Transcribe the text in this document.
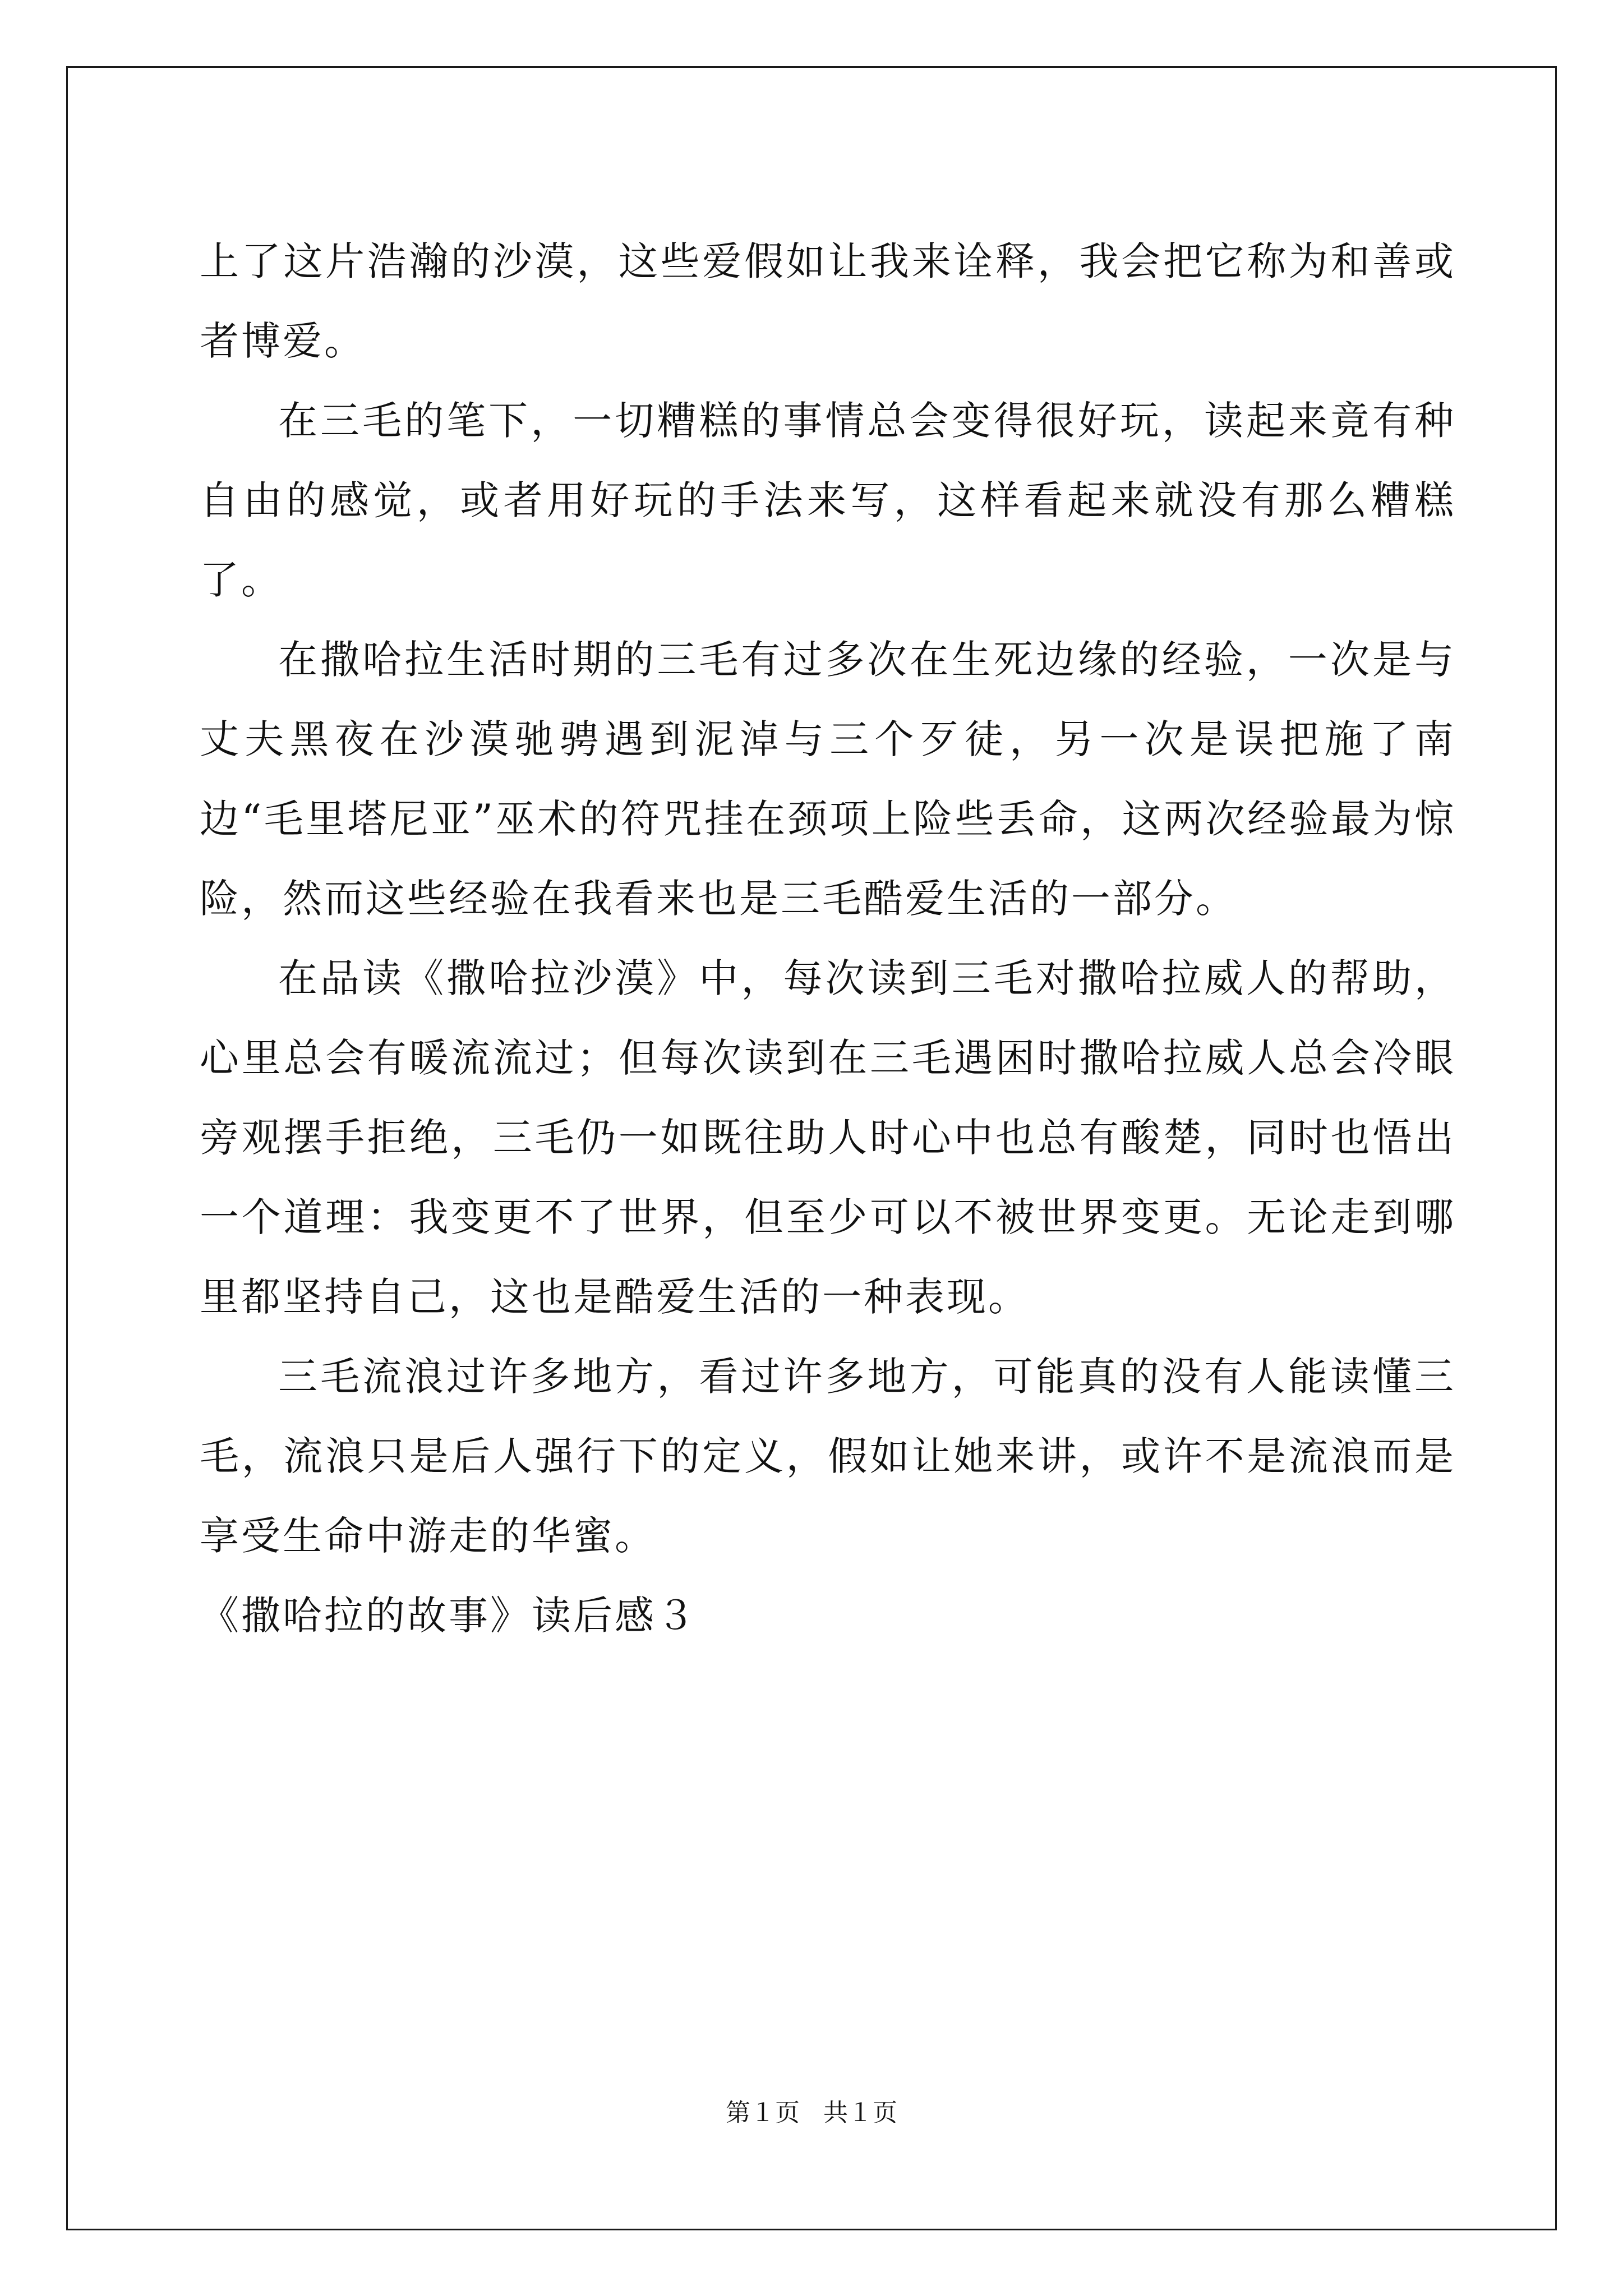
上了这片浩瀚的沙漠，这些爱假如让我来诠释，我会把它称为和善或者博爱。

在三毛的笔下，一切糟糕的事情总会变得很好玩，读起来竟有种自由的感觉，或者用好玩的手法来写，这样看起来就没有那么糟糕了。

在撒哈拉生活时期的三毛有过多次在生死边缘的经验，一次是与丈夫黑夜在沙漠驰骋遇到泥淖与三个歹徒，另一次是误把施了南边“毛里塔尼亚”巫术的符咒挂在颈项上险些丢命，这两次经验最为惊险，然而这些经验在我看来也是三毛酷爱生活的一部分。

在品读《撒哈拉沙漠》中，每次读到三毛对撒哈拉威人的帮助，心里总会有暖流流过；但每次读到在三毛遇困时撒哈拉威人总会冷眼旁观摆手拒绝，三毛仍一如既往助人时心中也总有酸楚，同时也悟出一个道理：我变更不了世界，但至少可以不被世界变更。无论走到哪里都坚持自己，这也是酷爱生活的一种表现。

三毛流浪过许多地方，看过许多地方，可能真的没有人能读懂三毛，流浪只是后人强行下的定义，假如让她来讲，或许不是流浪而是享受生命中游走的华蜜。

《撒哈拉的故事》读后感３

第１页 共１页
